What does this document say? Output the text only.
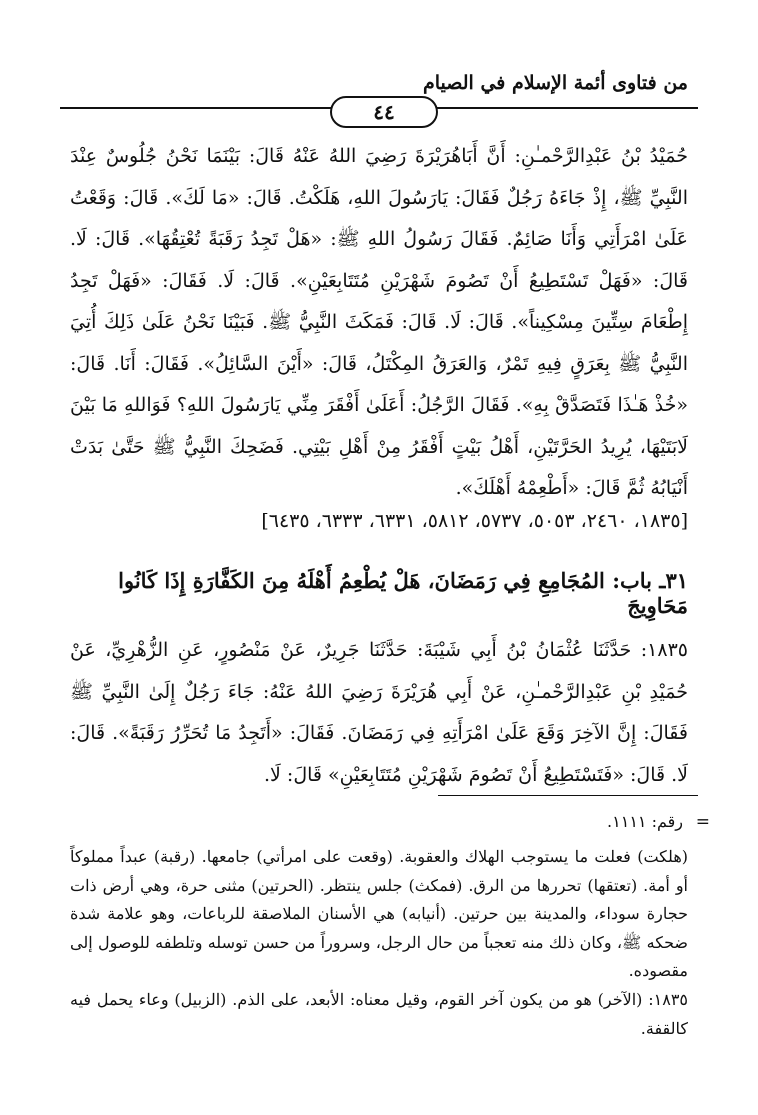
من فتاوى أئمة الإسلام في الصيام
٤٤
حُمَيْدُ بْنُ عَبْدِالرَّحْمـٰنِ: أَنَّ أَبَاهُرَيْرَةَ رَضِيَ اللهُ عَنْهُ قَالَ: بَيْنَمَا نَحْنُ جُلُوسٌ عِنْدَ النَّبِيِّ ﷺ، إِذْ جَاءَهُ رَجُلٌ فَقَالَ: يَارَسُولَ اللهِ، هَلَكْتُ. قَالَ: «مَا لَكَ». قَالَ: وَقَعْتُ عَلَىٰ امْرَأَتِي وَأَنَا صَائِمٌ. فَقَالَ رَسُولُ اللهِ ﷺ: «هَلْ تَجِدُ رَقَبَةً تُعْتِقُهَا». قَالَ: لَا. قَالَ: «فَهَلْ تَسْتَطِيعُ أَنْ تَصُومَ شَهْرَيْنِ مُتَتَابِعَيْنِ». قَالَ: لَا. فَقَالَ: «فَهَلْ تَجِدُ إِطْعَامَ سِتِّينَ مِسْكِيناً». قَالَ: لَا. قَالَ: فَمَكَثَ النَّبِيُّ ﷺ. فَبَيْنَا نَحْنُ عَلَىٰ ذَلِكَ أُتِيَ النَّبِيُّ ﷺ بِعَرَقٍ فِيهِ تَمْرٌ، وَالعَرَقُ المِكْتَلُ، قَالَ: «أَيْنَ السَّائِلُ». فَقَالَ: أَنَا. قَالَ: «خُذْ هَـٰذَا فَتَصَدَّقْ بِهِ». فَقَالَ الرَّجُلُ: أَعَلَىٰ أَفْقَرَ مِنِّي يَارَسُولَ اللهِ؟ فَوَاللهِ مَا بَيْنَ لَابَتَيْهَا، يُرِيدُ الحَرَّتَيْنِ، أَهْلُ بَيْتٍ أَفْقَرُ مِنْ أَهْلِ بَيْتِي. فَضَحِكَ النَّبِيُّ ﷺ حَتَّىٰ بَدَتْ أَنْيَابُهُ ثُمَّ قَالَ: «أَطْعِمْهُ أَهْلَكَ».
[١٨٣٥، ٢٤٦٠، ٥٠٥٣، ٥٧٣٧، ٥٨١٢، ٦٣٣١، ٦٣٣٣، ٦٤٣٥]
٣١ـ باب: المُجَامِعِ فِي رَمَضَانَ، هَلْ يُطْعِمُ أَهْلَهُ مِنَ الكَفَّارَةِ إِذَا كَانُوا مَحَاوِيجَ
١٨٣٥: حَدَّثَنَا عُثْمَانُ بْنُ أَبِي شَيْبَةَ: حَدَّثَنَا جَرِيرٌ، عَنْ مَنْصُورٍ، عَنِ الزُّهْرِيِّ، عَنْ حُمَيْدِ بْنِ عَبْدِالرَّحْمـٰنِ، عَنْ أَبِي هُرَيْرَةَ رَضِيَ اللهُ عَنْهُ: جَاءَ رَجُلٌ إِلَىٰ النَّبِيِّ ﷺ فَقَالَ: إِنَّ الآخِرَ وَقَعَ عَلَىٰ امْرَأَتِهِ فِي رَمَضَانَ. فَقَالَ: «أَتَجِدُ مَا تُحَرِّرُ رَقَبَةً». قَالَ: لَا. قَالَ: «فَتَسْتَطِيعُ أَنْ تَصُومَ شَهْرَيْنِ مُتَتَابِعَيْنِ» قَالَ: لَا.
=
رقم: ١١١١.
(هلكت) فعلت ما يستوجب الهلاك والعقوبة. (وقعت على امرأتي) جامعها. (رقبة) عبداً مملوكاً أو أمة. (تعتقها) تحررها من الرق. (فمكث) جلس ينتظر. (الحرتين) مثنى حرة، وهي أرض ذات حجارة سوداء، والمدينة بين حرتين. (أنيابه) هي الأسنان الملاصقة للرباعات، وهو علامة شدة ضحكه ﷺ، وكان ذلك منه تعجباً من حال الرجل، وسروراً من حسن توسله وتلطفه للوصول إلى مقصوده.
١٨٣٥: (الآخر) هو من يكون آخر القوم، وقيل معناه: الأبعد، على الذم. (الزبيل) وعاء يحمل فيه كالقفة.
